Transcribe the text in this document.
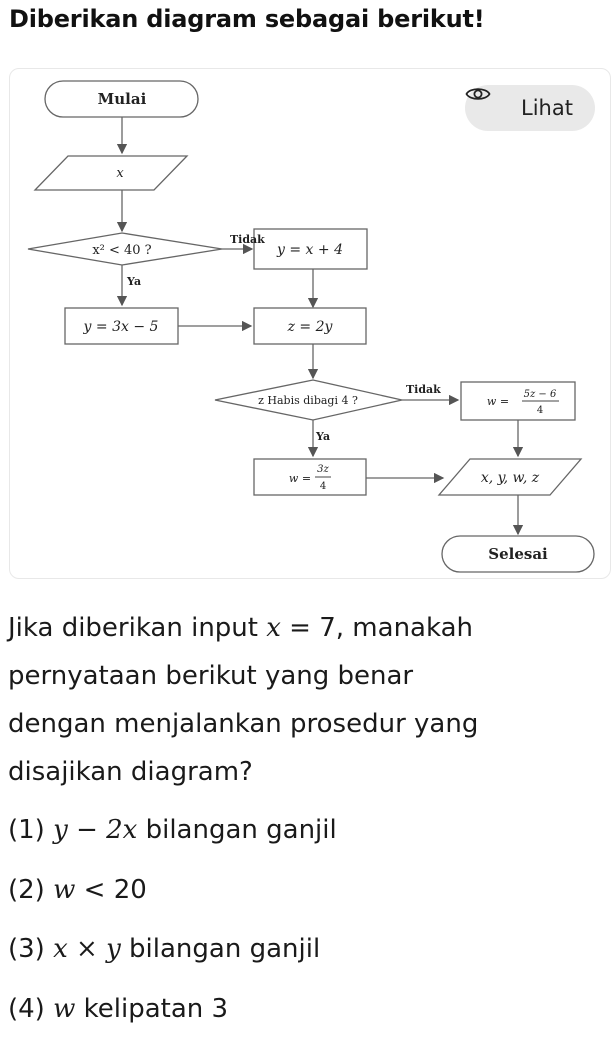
Diberikan diagram sebagai berikut!
Mulai
x
x² < 40 ?
Tidak
Ya
y = x + 4
y = 3x − 5	z = 2y
z Habis dibagi 4 ?
Tidak
Ya
w =
5z − 6
4
w =
3z
4
x, y, w, z
Selesai
Lihat
Jika diberikan input x = 7, manakah
pernyataan berikut yang benar
dengan menjalankan prosedur yang
disajikan diagram?
(1) y − 2x bilangan ganjil
(2) w < 20
(3) x × y bilangan ganjil
(4) w kelipatan 3
